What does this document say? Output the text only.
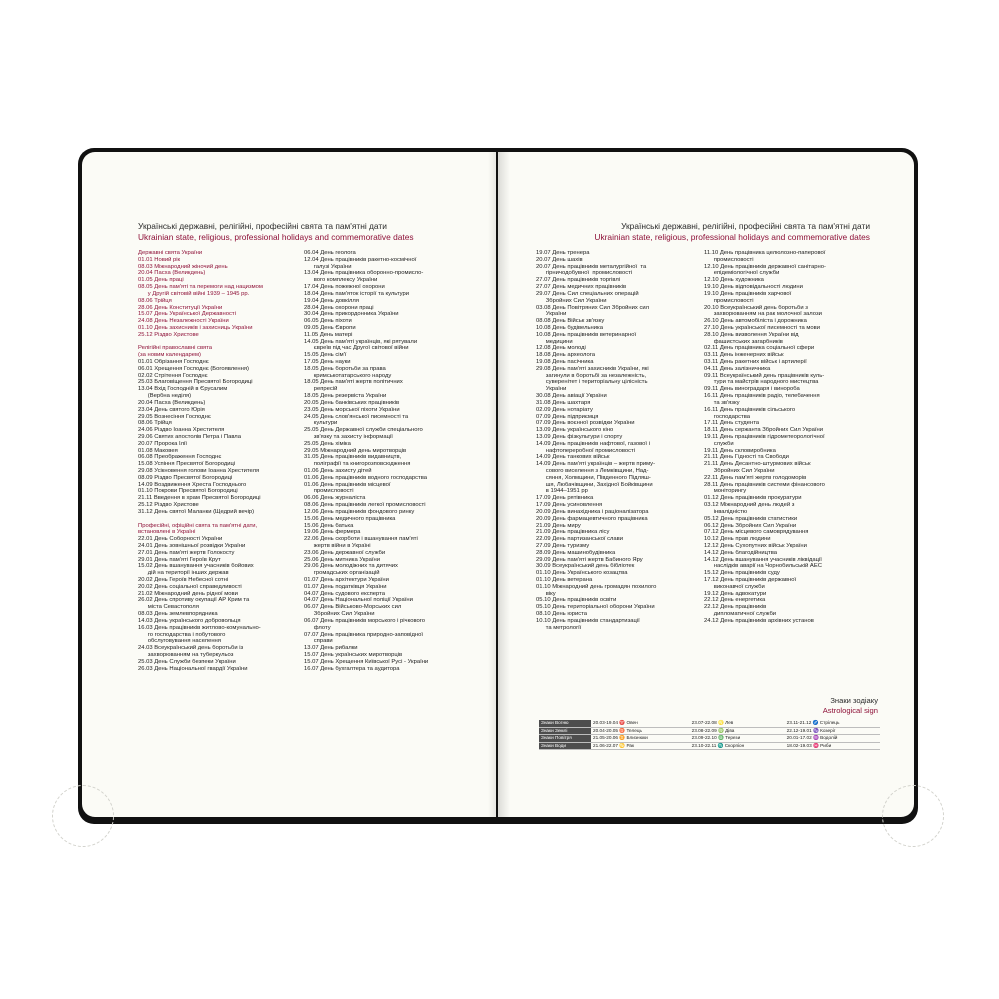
Українські державні, релігійні, професійні свята та пам'ятні дати
Ukrainian state, religious, professional holidays and commemorative dates
Державні свята України
01.01 Новий рік
08.03 Міжнародний жіночий день
20.04 Пасха (Великдень)
01.05 День праці
08.05 День пам'яті та перемоги над нацизмом
у Другій світовій війні 1939 – 1945 рр.
08.06 Трійця
28.06 День Конституції України
15.07 День Української Державності
24.08 День Незалежності України
01.10 День захисників і захисниць України
25.12 Різдво Христове

Релігійні православні свята
(за новим календарем)
01.01 Обрізання Господнє
06.01 Хрещення Господнє (Богоявлення)
02.02 Стрітення Господнє
25.03 Благовіщення Пресвятої Богородиці
13.04 Вхід Господній в Єрусалим
(Вербна неділя)
20.04 Пасха (Великдень)
23.04 День святого Юрія
29.05 Вознесіння Господнє
08.06 Трійця
24.06 Різдво Іоанна Хрестителя
29.06 Святих апостолів Петра і Павла
20.07 Пророка Ілії
01.08 Маковея
06.08 Преображення Господнє
15.08 Успіння Пресвятої Богородиці
29.08 Усікновення голови Іоанна Хрестителя
08.09 Різдво Пресвятої Богородиці
14.09 Воздвиження Хреста Господнього
01.10 Покрови Пресвятої Богородиці
21.11 Введення в храм Пресвятої Богородиці
25.12 Різдво Христове
31.12 День святої Маланки (Щедрий вечір)

Професійні, офіційні свята та пам'ятні дати,
встановлені в Україні
22.01 День Соборності України
24.01 День зовнішньої розвідки України
27.01 День пам'яті жертв Голокосту
29.01 День пам'яті Героїв Крут
15.02 День вшанування учасників бойових
дій на території інших держав
20.02 День Героїв Небесної сотні
20.02 День соціальної справедливості
21.02 Міжнародний день рідної мови
26.02 День спротиву окупації АР Крим та
міста Севастополя
08.03 День землевпорядника
14.03 День українського добровольця
16.03 День працівників житлово-комунально-
го господарства і побутового
обслуговування населення
24.03 Всеукраїнський день боротьби із
захворюванням на туберкульоз
25.03 День Служби безпеки України
26.03 День Національної гвардії України
06.04 День геолога
12.04 День працівників ракетно-космічної
галузі України
13.04 День працівника оборонно-промисло-
вого комплексу України
17.04 День пожежної охорони
18.04 День пам'яток історії та культури
19.04 День довкілля
28.04 День охорони праці
30.04 День прикордонника України
06.05 День піхоти
09.05 День Європи
11.05 День матері
14.05 День пам'яті українців, які рятували
євреїв під час Другої світової війни
15.05 День сім'ї
17.05 День науки
18.05 День боротьби за права
кримськотатарського народу
18.05 День пам'яті жертв політичних
репресій
18.05 День резервіста України
20.05 День банківських працівників
23.05 День морської піхоти України
24.05 День слов'янської писемності та
культури
25.05 День Державної служби спеціального
зв'язку та захисту інформації
25.05 День хіміка
29.05 Міжнародний день миротворців
31.05 День працівників видавництв,
поліграфії та книгорозповсюдження
01.06 День захисту дітей
01.06 День працівників водного господарства
01.06 День працівників місцевої
промисловості
06.06 День журналіста
08.06 День працівників легкої промисловості
12.06 День працівників фондового ринку
15.06 День медичного працівника
15.06 День батька
19.06 День фермера
22.06 День скорботи і вшанування пам'яті
жертв війни в Україні
23.06 День державної служби
25.06 День митника України
29.06 День молодіжних та дитячих
громадських організацій
01.07 День архітектури України
01.07 День податківця України
04.07 День судового експерта
04.07 День Національної поліції України
06.07 День Військово-Морських сил
Збройних Сил України
06.07 День працівників морського і річкового
флоту
07.07 День працівника природно-заповідної
справи
13.07 День рибалки
15.07 День українських миротворців
15.07 День Хрещення Київської Русі - України
16.07 День бухгалтера та аудитора
Українські державні, релігійні, професійні свята та пам'ятні дати
Ukrainian state, religious, professional holidays and commemorative dates
19.07 День тренера
20.07 День шахів
20.07 День працівників металургійної  та
гірничодобувної  промисловості
27.07 День працівників торгівлі
27.07 День медичних працівників
29.07 День Сил спеціальних операцій
Збройних Сил України
03.08 День Повітряних Сил Збройних сил
України
08.08 День Військ зв'язку
10.08 День будівельника
10.08 День працівників ветеринарної
медицини
12.08 День молоді
18.08 День археолога
19.08 День пасічника
29.08 День пам'яті захисників України, які
загинули в боротьбі за незалежність,
суверенітет і територіальну цілісність
України
30.08 День авіації України
31.08 День шахтаря
02.09 День нотаріату
07.09 День підприємця
07.09 День воєнної розвідки України
13.09 День українського кіно
13.09 День фізкультури і спорту
14.09 День працівників нафтової, газової і
нафтопереробної промисловості
14.09 День танкових військ
14.09 День пам'яті українців – жертв приму-
сового виселення з Лемківщини, Над-
сяння, Холмщини, Південного Підляш-
шя, Любачівщини, Західної Бойківщини
в 1944–1951 рр
17.09 День рятівника
17.09 День усиновлення
20.09 День винахідника і раціоналізатора
20.09 День фармацевтичного працівника
21.09 День миру
21.09 День працівника лісу
22.09 День партизанської слави
27.09 День туризму
28.09 День машинобудівника
29.09 День пам'яті жертв Бабиного Яру
30.09 Всеукраїнський день бібліотек
01.10 День Українського козацтва
01.10 День ветерана
01.10 Міжнародний день громадян похилого
віку
05.10 День працівників освіти
05.10 День територіальної оборони України
08.10 День юриста
10.10 День працівників стандартизації
та метрології
11.10 День працівника целюлозно-паперової
промисловості
12.10 День працівників державної санітарно-
епідеміологічної служби
12.10 День художника
19.10 День відповідальності людини
19.10 День працівників харчової
промисловості
20.10 Всеукраїнський день боротьби з
захворюванням на рак молочної залози
26.10 День автомобіліста і дорожника
27.10 День української писемності та мови
28.10 День визволення України від
фашистських загарбників
02.11 День працівника соціальної сфери
03.11 День інженерних військ
03.11 День ракетних військ і артилерії
04.11 День залізничника
09.11 Всеукраїнський день працівників куль-
тури та майстрів народного мистецтва
09.11 День виноградаря і винороба
16.11 День працівників радіо, телебачення
та зв'язку
16.11 День працівників сільського
господарства
17.11 День студента
18.11 День сержанта Збройних Сил України
19.11 День працівників гідрометеорологічної
служби
19.11 День скловиробника
21.11 День Гідності та Свободи
21.11 День Десантно-штурмових військ
Збройних Сил України
22.11 День пам'яті жертв голодоморів
28.11 День працівників системи фінансового
моніторингу
01.12 День працівників прокуратури
03.12 Міжнародний день людей з
інвалідністю
05.12 День працівників статистики
06.12 День Збройних Сил України
07.12 День місцевого самоврядування
10.12 День прав людини
12.12 День Сухопутних військ України
14.12 День благодійництва
14.12 День вшанування учасників ліквідації
наслідків аварії на Чорнобильській АЕС
15.12 День працівників суду
17.12 День працівників державної
виконавчої служби
19.12 День адвокатури
22.12 День енергетика
22.12 День працівників
дипломатичної служби
24.12 День працівників архівних установ
Знаки зодіаку
Astrological sign
Знаки Вогню	20.03-19.04 ♈ Овен	23.07-22.08 ♌ Лев	23.11-21.12 ♐ Стрілець
Знаки Землі	20.04-20.05 ♉ Телець	23.08-22.09 ♍ Діва	22.12-19.01 ♑ Козеріг
Знаки Повітря	21.05-20.06 ♊ Близнюки	23.09-22.10 ♎ Терези	20.01-17.02 ♒ Водолій
Знаки Води	21.06-22.07 ♋ Рак	23.10-22.11 ♏ Скорпіон	18.02-19.03 ♓ Риби
